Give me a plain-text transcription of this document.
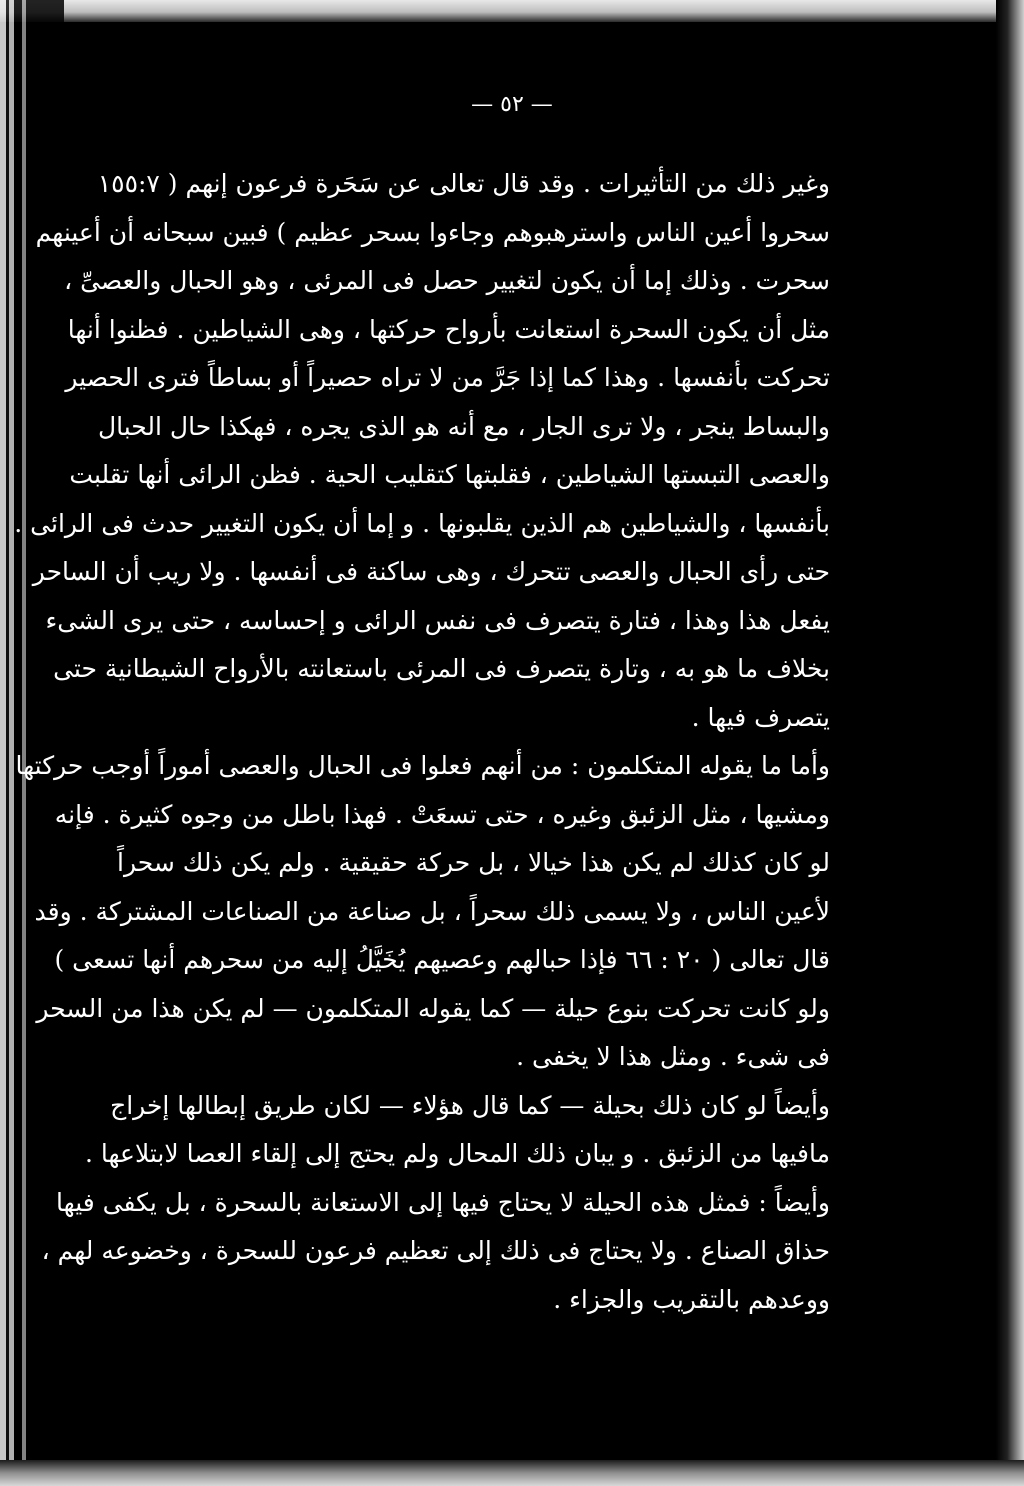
— ٥٢ —
وغير ذلك من التأثيرات . وقد قال تعالى عن سَحَرة فرعون إنهم ( ١٥٥:٧
سحروا أعين الناس واسترهبوهم وجاءوا بسحر عظيم ) فبين سبحانه أن أعينهم
سحرت . وذلك إما أن يكون لتغيير حصل فى المرئى ، وهو الحبال والعصىِّ ،
مثل أن يكون السحرة استعانت بأرواح حركتها ، وهى الشياطين . فظنوا أنها
تحركت بأنفسها . وهذا كما إذا جَرَّ من لا تراه حصيراً أو بساطاً فترى الحصير
والبساط ينجر ، ولا ترى الجار ، مع أنه هو الذى يجره ، فهكذا حال الحبال
والعصى التبستها الشياطين ، فقلبتها كتقليب الحية . فظن الرائى أنها تقلبت
بأنفسها ، والشياطين هم الذين يقلبونها . و إما أن يكون التغيير حدث فى الرائى .
حتى رأى الحبال والعصى تتحرك ، وهى ساكنة فى أنفسها . ولا ريب أن الساحر
يفعل هذا وهذا ، فتارة يتصرف فى نفس الرائى و إحساسه ، حتى يرى الشىء
بخلاف ما هو به ، وتارة يتصرف فى المرئى باستعانته بالأرواح الشيطانية حتى
يتصرف فيها .
وأما ما يقوله المتكلمون : من أنهم فعلوا فى الحبال والعصى أموراً أوجب حركتها
ومشيها ، مثل الزئبق وغيره ، حتى تسعَتْ . فهذا باطل من وجوه كثيرة . فإنه
لو كان كذلك لم يكن هذا خيالا ، بل حركة حقيقية . ولم يكن ذلك سحراً
لأعين الناس ، ولا يسمى ذلك سحراً ، بل صناعة من الصناعات المشتركة . وقد
قال تعالى ( ٢٠ : ٦٦ فإذا حبالهم وعصيهم يُخَيَّلُ إليه من سحرهم أنها تسعى )
ولو كانت تحركت بنوع حيلة — كما يقوله المتكلمون — لم يكن هذا من السحر
فى شىء . ومثل هذا لا يخفى .
وأيضاً لو كان ذلك بحيلة — كما قال هؤلاء — لكان طريق إبطالها إخراج
مافيها من الزئبق . و يبان ذلك المحال ولم يحتج إلى إلقاء العصا لابتلاعها .
وأيضاً : فمثل هذه الحيلة لا يحتاج فيها إلى الاستعانة بالسحرة ، بل يكفى فيها
حذاق الصناع . ولا يحتاج فى ذلك إلى تعظيم فرعون للسحرة ، وخضوعه لهم ،
ووعدهم بالتقريب والجزاء .
